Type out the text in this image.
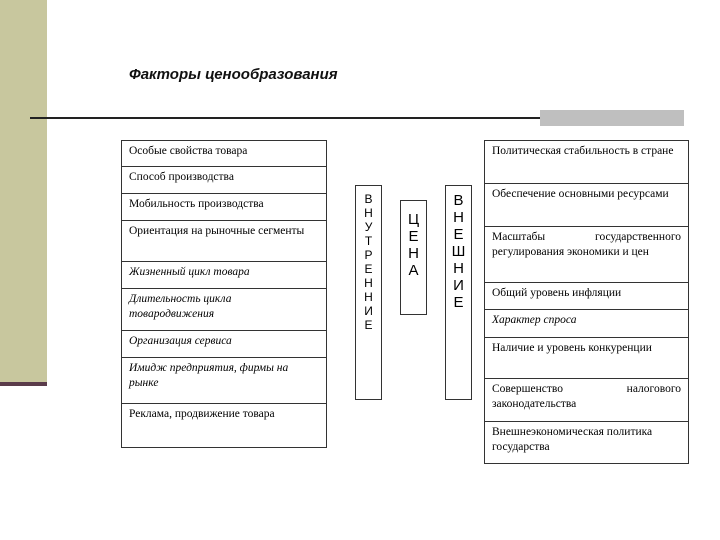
Факторы ценообразования
Особые свойства товара
Способ производства
Мобильность производства
Ориентация на рыночные сегменты
Жизненный цикл товара
Длительность цикла товародвижения
Организация сервиса
Имидж предприятия, фирмы на рынке
Реклама, продвижение товара
В
Н
У
Т
Р
Е
Н
Н
И
Е
Ц
Е
Н
А
В
Н
Е
Ш
Н
И
Е
Политическая стабильность в стране
Обеспечение основными ресурсами
Масштабы государственного регулирования экономики и цен
Общий уровень инфляции
Характер спроса
Наличие и уровень конкуренции
Совершенство налогового законодательства
Внешнеэкономическая политика государства
